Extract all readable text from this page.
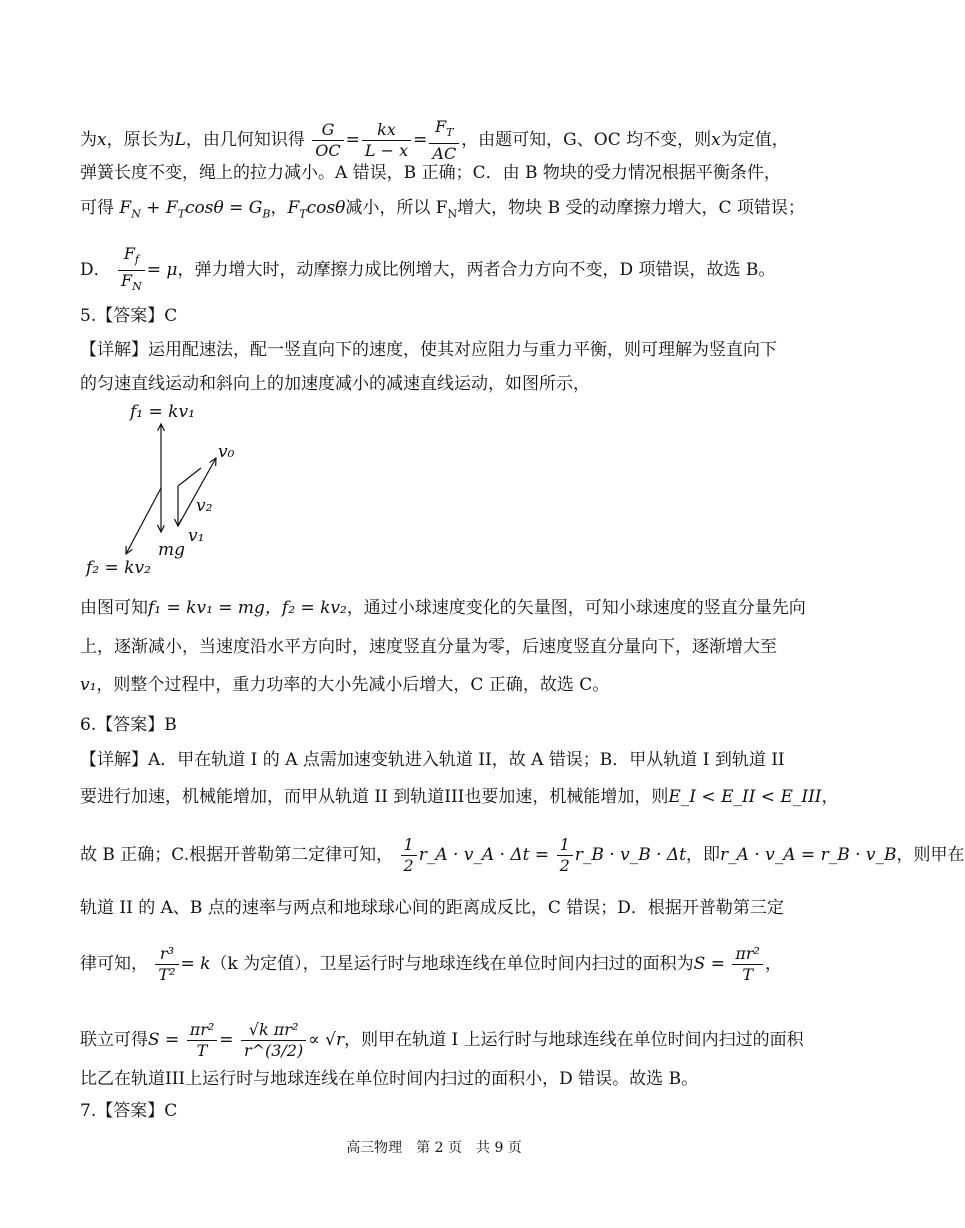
为x，原长为L，由几何知识得 $\frac{G}{OC} = \frac{kx}{L - x} = \frac{F_T}{AC}$ ，由题可知，G、OC 均不变，则x为定值，
弹簧长度不变，绳上的拉力减小。A 错误，B 正确；C．由 B 物块的受力情况根据平衡条件，
可得 $F_N + F_T\cos\theta = G_B$，$F_T\cos\theta$减小，所以 $F_N$增大，物块 B 受的动摩擦力增大，C 项错误；
D． $\frac{F_f}{F_N} = \mu$，弹力增大时，动摩擦力成比例增大，两者合力方向不变，D 项错误，故选 B。
5.【答案】C
【详解】运用配速法，配一竖直向下的速度，使其对应阻力与重力平衡，则可理解为竖直向下
的匀速直线运动和斜向上的加速度减小的减速直线运动，如图所示，
f₁ = kv₁
v₀
v₂
v₁
mg
f₂ = kv₂
由图可知f₁ = kv₁ = mg，f₂ = kv₂，通过小球速度变化的矢量图，可知小球速度的竖直分量先向
上，逐渐减小，当速度沿水平方向时，速度竖直分量为零，后速度竖直分量向下，逐渐增大至
v₁，则整个过程中，重力功率的大小先减小后增大，C 正确，故选 C。
6.【答案】B
【详解】A．甲在轨道 I 的 A 点需加速变轨进入轨道 II，故 A 错误；B．甲从轨道 I 到轨道 II
要进行加速，机械能增加，而甲从轨道 II 到轨道III也要加速，机械能增加，则E_I < E_II < E_III，
故 B 正确；C.根据开普勒第二定律可知， $\frac{1}{2}$ r_A · v_A · $\Delta t = \frac{1}{2}$ r_B · v_B · Δt，即r_A · v_A = r_B · v_B，则甲在
轨道 II 的 A、B 点的速率与两点和地球球心间的距离成反比，C 错误；D．根据开普勒第三定
律可知， $\frac{\text{r³}}{\text{T²}} = k(k$ 为定值），卫星运行时与地球连线在单位时间内扫过的面积为$S = \frac{\text{πr²}}{T}$ ，
联立可得$S = \frac{\text{πr²}}{T} = \frac{\text{√k πr²}}{r\^{}(3/2)} \propto √r$，则甲在轨道 I 上运行时与地球连线在单位时间内扫过的面积
比乙在轨道III上运行时与地球连线在单位时间内扫过的面积小，D 错误。故选 B。
7.【答案】C
高三物理　第 2 页　共 9 页
